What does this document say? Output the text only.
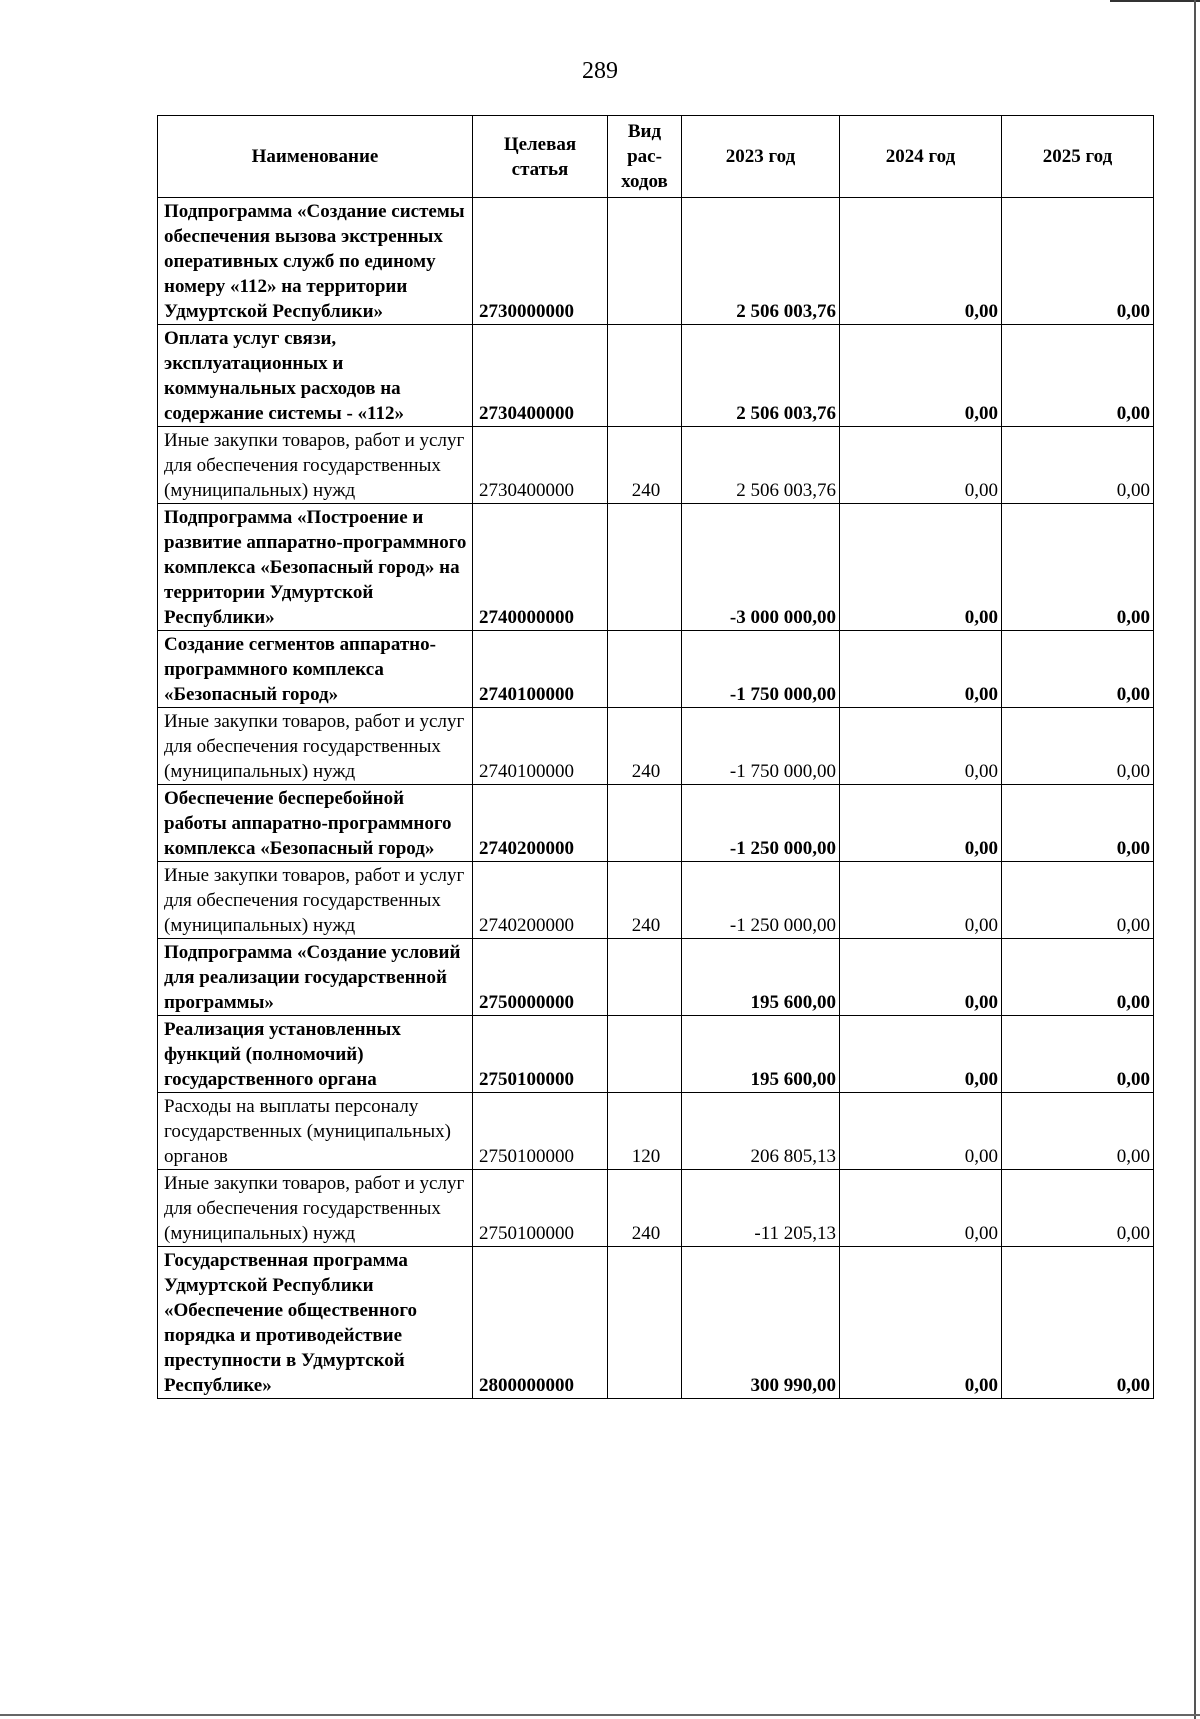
289
Наименование	Целевая статья	Вид рас- ходов	2023 год	2024 год	2025 год
Подпрограмма «Создание системы обеспечения вызова экстренных оперативных служб по единому номеру «112» на территории Удмуртской Республики»	2730000000		2 506 003,76	0,00	0,00
Оплата услуг связи, эксплуатационных и коммунальных расходов на содержание системы - «112»	2730400000		2 506 003,76	0,00	0,00
Иные закупки товаров, работ и услуг для обеспечения государственных (муниципальных) нужд	2730400000	240	2 506 003,76	0,00	0,00
Подпрограмма «Построение и развитие аппаратно-программного комплекса «Безопасный город» на территории Удмуртской Республики»	2740000000		-3 000 000,00	0,00	0,00
Создание сегментов аппаратно-программного комплекса «Безопасный город»	2740100000		-1 750 000,00	0,00	0,00
Иные закупки товаров, работ и услуг для обеспечения государственных (муниципальных) нужд	2740100000	240	-1 750 000,00	0,00	0,00
Обеспечение бесперебойной работы аппаратно-программного комплекса «Безопасный город»	2740200000		-1 250 000,00	0,00	0,00
Иные закупки товаров, работ и услуг для обеспечения государственных (муниципальных) нужд	2740200000	240	-1 250 000,00	0,00	0,00
Подпрограмма «Создание условий для реализации государственной программы»	2750000000		195 600,00	0,00	0,00
Реализация установленных функций (полномочий) государственного органа	2750100000		195 600,00	0,00	0,00
Расходы на выплаты персоналу государственных (муниципальных) органов	2750100000	120	206 805,13	0,00	0,00
Иные закупки товаров, работ и услуг для обеспечения государственных (муниципальных) нужд	2750100000	240	-11 205,13	0,00	0,00
Государственная программа Удмуртской Республики «Обеспечение общественного порядка и противодействие преступности в Удмуртской Республике»	2800000000		300 990,00	0,00	0,00
